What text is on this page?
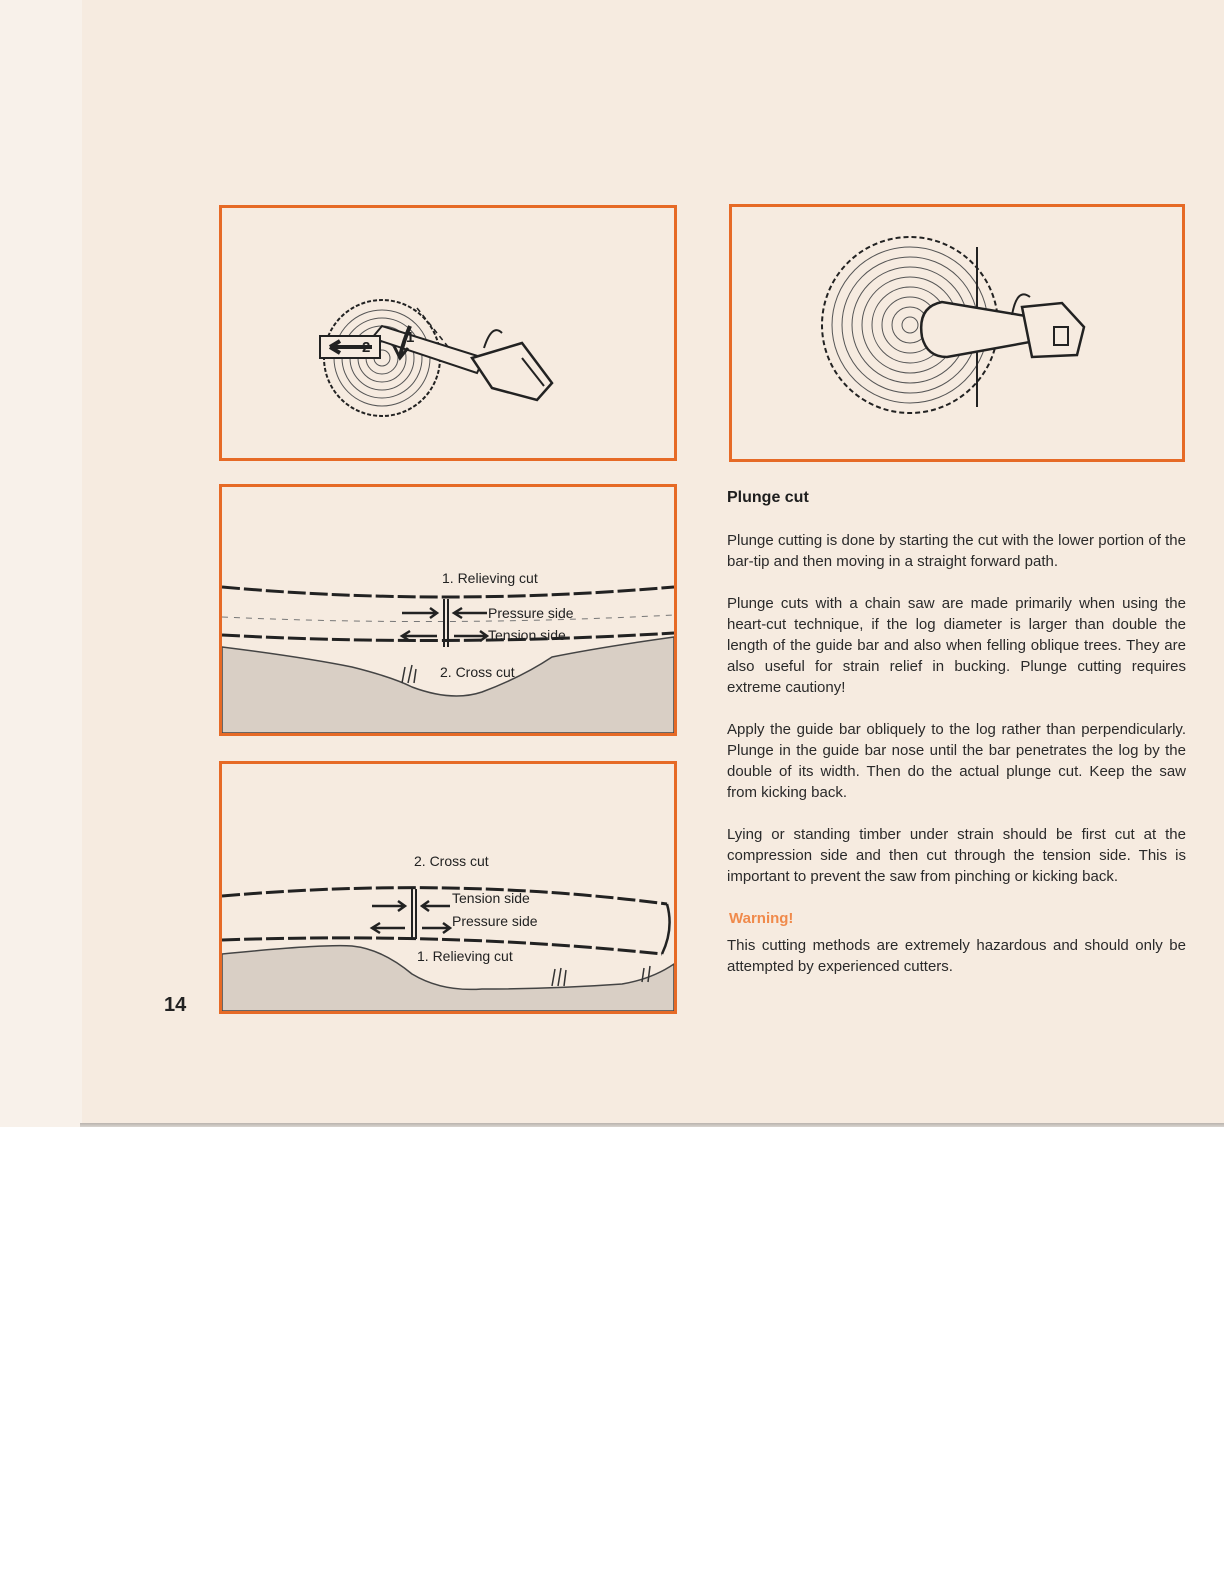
2
1
1. Relieving cut
Pressure side
Tension side
2. Cross cut
2. Cross cut
Tension side
Pressure side
1. Relieving cut
14
Plunge cut

Plunge cutting is done by starting the cut with the lower portion of the bar-tip and then moving in a straight forward path.

Plunge cuts with a chain saw are made primarily when using the heart-cut technique, if the log diameter is larger than double the length of the guide bar and also when felling oblique trees. They are also useful for strain relief in bucking. Plunge cutting requires extreme cautiony!

Apply the guide bar obliquely to the log rather than perpendicularly. Plunge in the guide bar nose until the bar penetrates the log by the double of its width. Then do the actual plunge cut. Keep the saw from kicking back.

Lying or standing timber under strain should be first cut at the compression side and then cut through the tension side. This is important to prevent the saw from pinching or kicking back.

Warning!

This cutting methods are extremely hazardous and should only be attempted by experienced cutters.
